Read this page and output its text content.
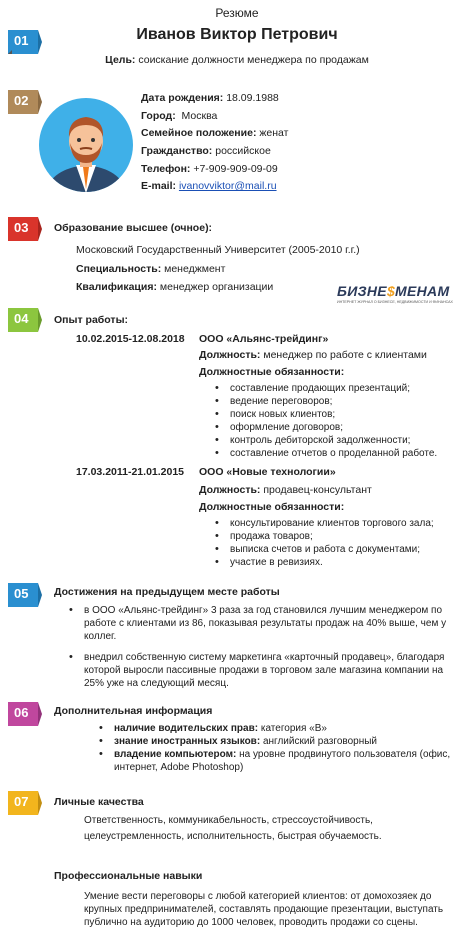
Резюме
Иванов Виктор Петрович
Цель: соискание должности менеджера по продажам
01
02
03
04
05
06
07
Дата рождения: 18.09.1988
Город: Москва
Семейное положение: женат
Гражданство: российское
Телефон: +7-909-909-09-09
E-mail: ivanovviktor@mail.ru
Образование высшее (очное):
Московский Государственный Университет (2005-2010 г.г.)
Специальность: менеджмент
Квалификация: менеджер организации	БИЗНЕ$МЕНАМ
ИНТЕРНЕТ ЖУРНАЛ О БИЗНЕСЕ, НЕДВИЖИМОСТИ И ФИНАНСАХ
Опыт работы:
10.02.2015-12.08.2018 ООО «Альянс-трейдинг»
Должность: менеджер по работе с клиентами
Должностные обязанности:
• составление продающих презентаций;
• ведение переговоров;
• поиск новых клиентов;
• оформление договоров;
• контроль дебиторской задолженности;
• составление отчетов о проделанной работе.
17.03.2011-21.01.2015 ООО «Новые технологии»
Должность: продавец-консультант
Должностные обязанности:
• консультирование клиентов торгового зала;
• продажа товаров;
• выписка счетов и работа с документами;
• участие в ревизиях.
Достижения на предыдущем месте работы
• в ООО «Альянс-трейдинг» 3 раза за год становился лучшим менеджером по работе с клиентами из 86, показывая результаты продаж на 40% выше, чем у коллег.
• внедрил собственную систему маркетинга «карточный продавец», благодаря которой выросли пассивные продажи в торговом зале магазина компании на 25% уже на следующий месяц.
Дополнительная информация
• наличие водительских прав: категория «В»
• знание иностранных языков: английский разговорный
• владение компьютером: на уровне продвинутого пользователя (офис, интернет, Adobe Photoshop)
Личные качества
Ответственность, коммуникабельность, стрессоустойчивость, целеустремленность, исполнительность, быстрая обучаемость.
Профессиональные навыки
Умение вести переговоры с любой категорией клиентов: от домохозяек до крупных предпринимателей, составлять продающие презентации, выступать публично на аудиторию до 1000 человек, проводить продажи со сцены.
